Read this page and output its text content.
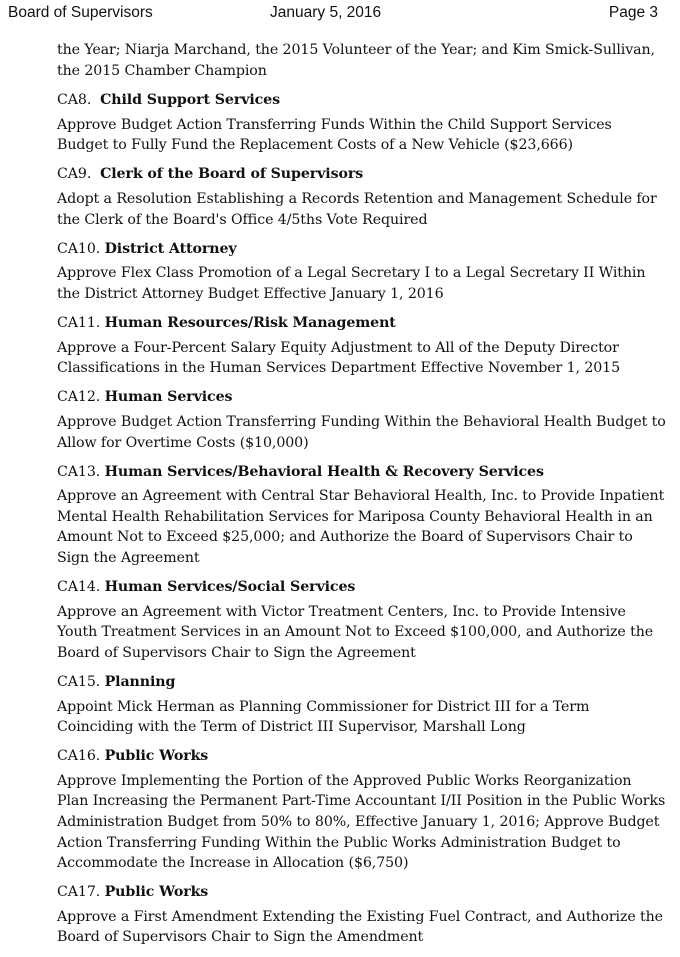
Board of Supervisors	January 5, 2016	Page 3

the Year; Niarja Marchand, the 2015 Volunteer of the Year; and Kim Smick-Sullivan, the 2015 Chamber Champion

CA8. Child Support Services

Approve Budget Action Transferring Funds Within the Child Support Services Budget to Fully Fund the Replacement Costs of a New Vehicle ($23,666)

CA9. Clerk of the Board of Supervisors

Adopt a Resolution Establishing a Records Retention and Management Schedule for the Clerk of the Board's Office 4/5ths Vote Required

CA10. District Attorney

Approve Flex Class Promotion of a Legal Secretary I to a Legal Secretary II Within the District Attorney Budget Effective January 1, 2016

CA11. Human Resources/Risk Management

Approve a Four-Percent Salary Equity Adjustment to All of the Deputy Director Classifications in the Human Services Department Effective November 1, 2015

CA12. Human Services

Approve Budget Action Transferring Funding Within the Behavioral Health Budget to Allow for Overtime Costs ($10,000)

CA13. Human Services/Behavioral Health & Recovery Services

Approve an Agreement with Central Star Behavioral Health, Inc. to Provide Inpatient Mental Health Rehabilitation Services for Mariposa County Behavioral Health in an Amount Not to Exceed $25,000; and Authorize the Board of Supervisors Chair to Sign the Agreement

CA14. Human Services/Social Services

Approve an Agreement with Victor Treatment Centers, Inc. to Provide Intensive Youth Treatment Services in an Amount Not to Exceed $100,000, and Authorize the Board of Supervisors Chair to Sign the Agreement

CA15. Planning

Appoint Mick Herman as Planning Commissioner for District III for a Term Coinciding with the Term of District III Supervisor, Marshall Long

CA16. Public Works

Approve Implementing the Portion of the Approved Public Works Reorganization Plan Increasing the Permanent Part-Time Accountant I/II Position in the Public Works Administration Budget from 50% to 80%, Effective January 1, 2016; Approve Budget Action Transferring Funding Within the Public Works Administration Budget to Accommodate the Increase in Allocation ($6,750)

CA17. Public Works

Approve a First Amendment Extending the Existing Fuel Contract, and Authorize the Board of Supervisors Chair to Sign the Amendment
